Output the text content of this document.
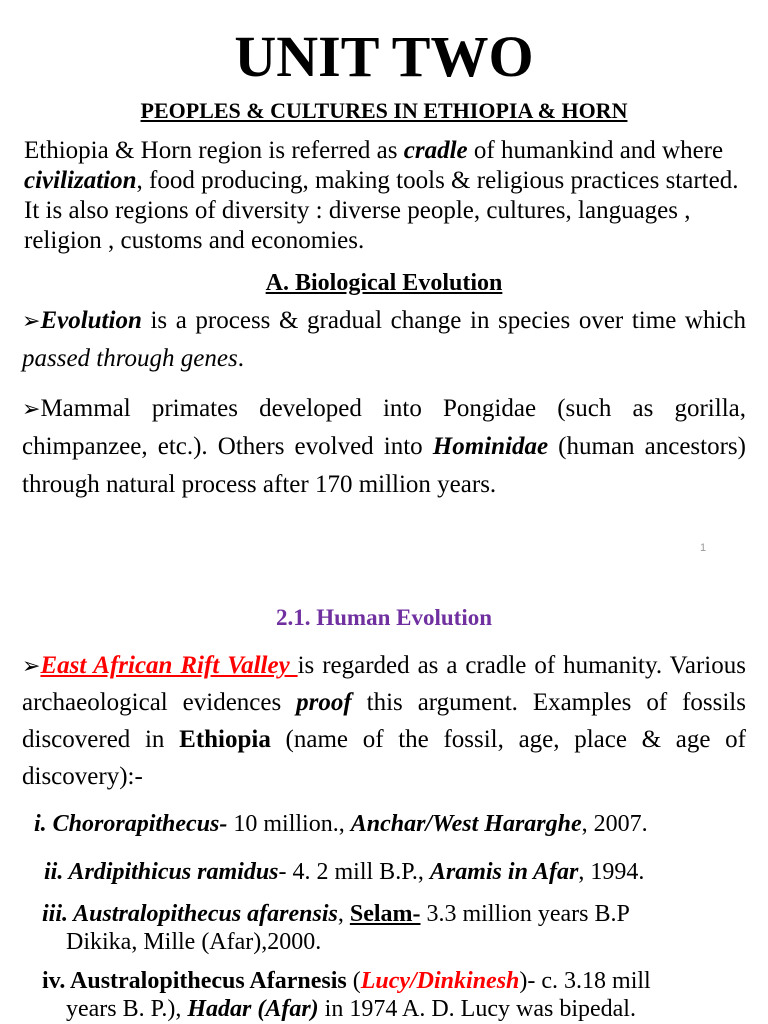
UNIT TWO
PEOPLES & CULTURES IN ETHIOPIA & HORN
Ethiopia & Horn region is referred as cradle of humankind and where civilization, food producing, making tools & religious practices started. It is also regions of diversity : diverse people, cultures, languages , religion , customs and economies.
A. Biological Evolution
➢Evolution is a process & gradual change in species over time which passed through genes.
➢Mammal primates developed into Pongidae (such as gorilla, chimpanzee, etc.). Others evolved into Hominidae (human ancestors) through natural process after 170 million years.
1
2.1. Human Evolution
➢East African Rift Valley is regarded as a cradle of humanity. Various archaeological evidences proof this argument. Examples of fossils discovered in Ethiopia (name of the fossil, age, place & age of discovery):-
i. Chororapithecus- 10 million., Anchar/West Hararghe, 2007.
ii. Ardipithicus ramidus- 4. 2 mill B.P., Aramis in Afar, 1994.
iii. Australopithecus afarensis, Selam- 3.3 million years B.P
Dikika, Mille (Afar),2000.
iv. Australopithecus Afarnesis (Lucy/Dinkinesh)- c. 3.18 mill
years B. P.), Hadar (Afar) in 1974 A. D. Lucy was bipedal.
